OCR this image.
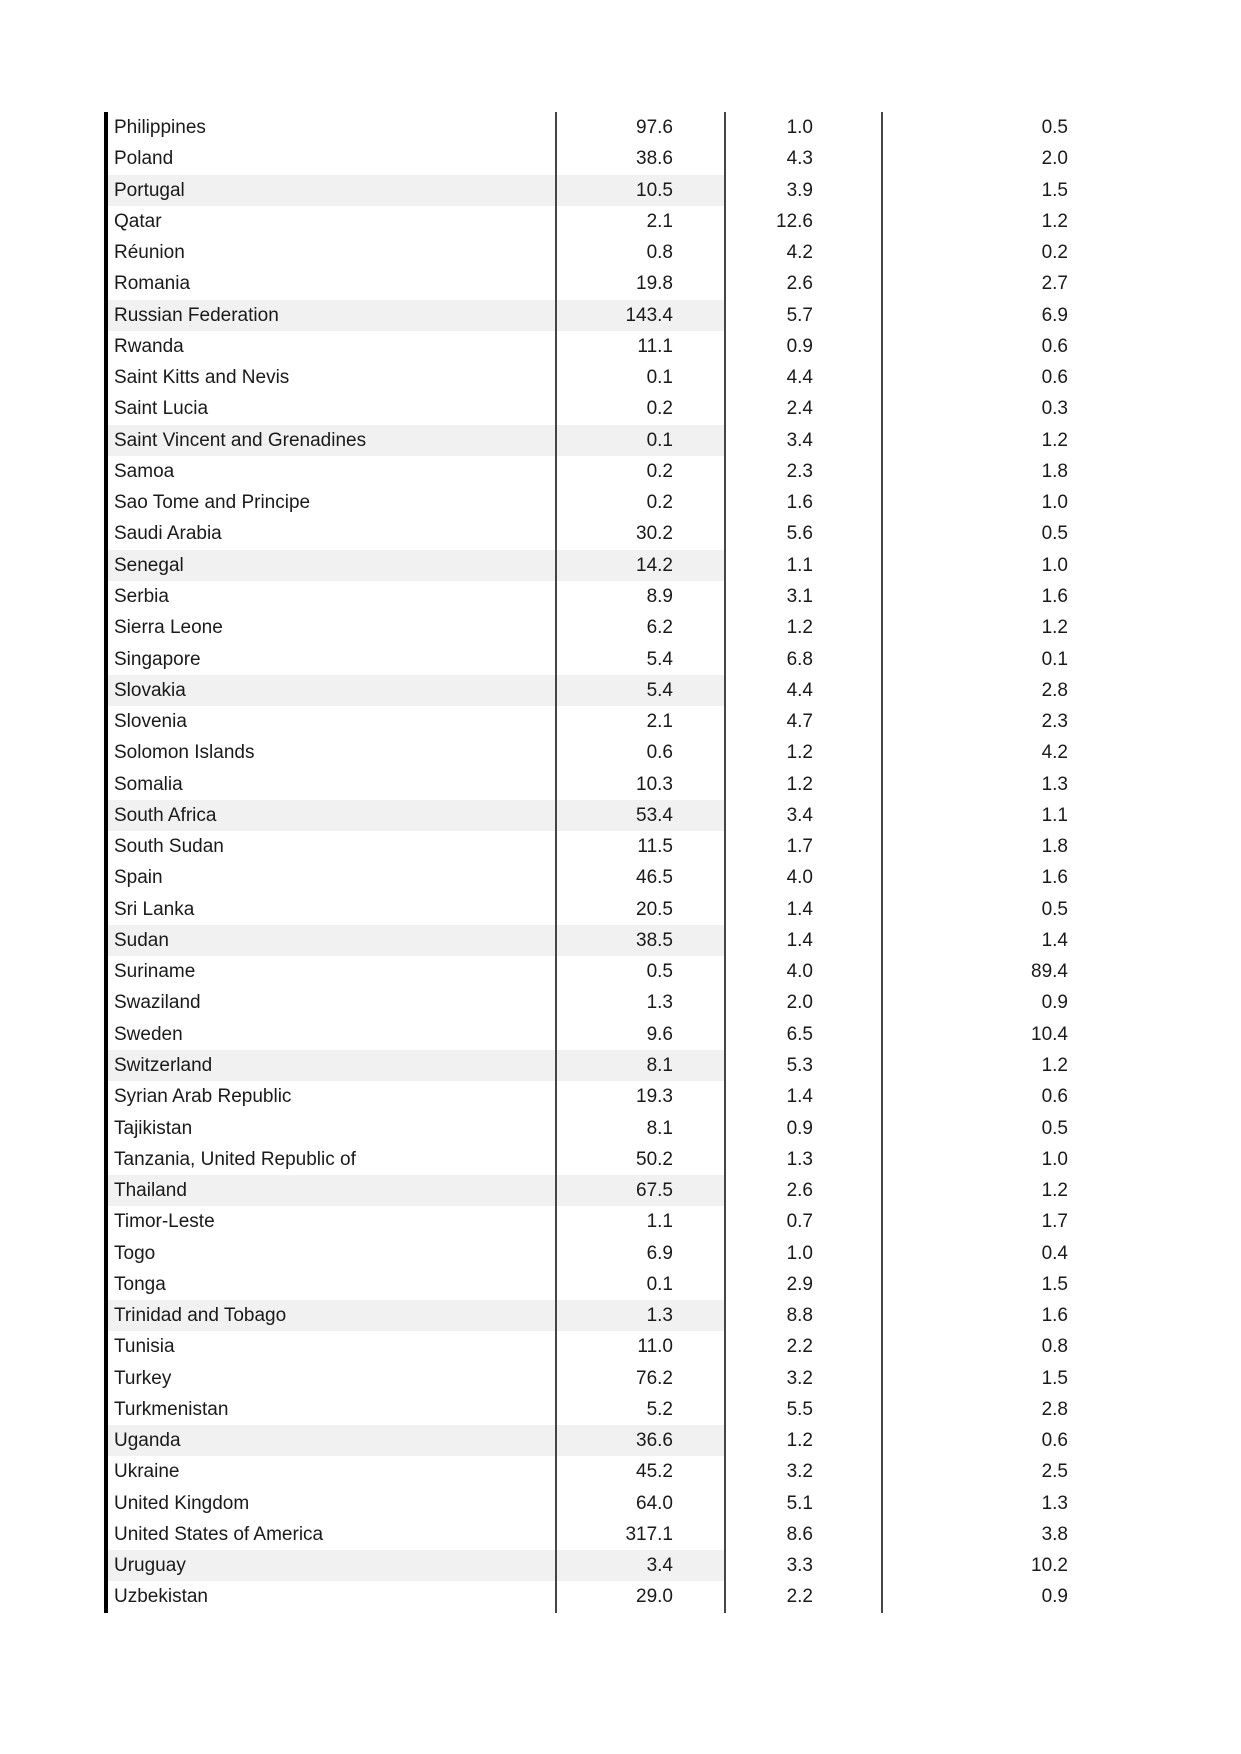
Philippines	97.6	1.0	0.5
Poland	38.6	4.3	2.0
Portugal	10.5	3.9	1.5
Qatar	2.1	12.6	1.2
Réunion	0.8	4.2	0.2
Romania	19.8	2.6	2.7
Russian Federation	143.4	5.7	6.9
Rwanda	11.1	0.9	0.6
Saint Kitts and Nevis	0.1	4.4	0.6
Saint Lucia	0.2	2.4	0.3
Saint Vincent and Grenadines	0.1	3.4	1.2
Samoa	0.2	2.3	1.8
Sao Tome and Principe	0.2	1.6	1.0
Saudi Arabia	30.2	5.6	0.5
Senegal	14.2	1.1	1.0
Serbia	8.9	3.1	1.6
Sierra Leone	6.2	1.2	1.2
Singapore	5.4	6.8	0.1
Slovakia	5.4	4.4	2.8
Slovenia	2.1	4.7	2.3
Solomon Islands	0.6	1.2	4.2
Somalia	10.3	1.2	1.3
South Africa	53.4	3.4	1.1
South Sudan	11.5	1.7	1.8
Spain	46.5	4.0	1.6
Sri Lanka	20.5	1.4	0.5
Sudan	38.5	1.4	1.4
Suriname	0.5	4.0	89.4
Swaziland	1.3	2.0	0.9
Sweden	9.6	6.5	10.4
Switzerland	8.1	5.3	1.2
Syrian Arab Republic	19.3	1.4	0.6
Tajikistan	8.1	0.9	0.5
Tanzania, United Republic of	50.2	1.3	1.0
Thailand	67.5	2.6	1.2
Timor-Leste	1.1	0.7	1.7
Togo	6.9	1.0	0.4
Tonga	0.1	2.9	1.5
Trinidad and Tobago	1.3	8.8	1.6
Tunisia	11.0	2.2	0.8
Turkey	76.2	3.2	1.5
Turkmenistan	5.2	5.5	2.8
Uganda	36.6	1.2	0.6
Ukraine	45.2	3.2	2.5
United Kingdom	64.0	5.1	1.3
United States of America	317.1	8.6	3.8
Uruguay	3.4	3.3	10.2
Uzbekistan	29.0	2.2	0.9
